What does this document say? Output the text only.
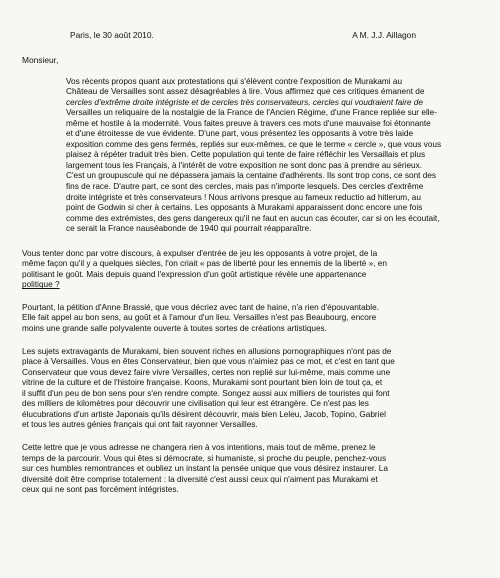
Paris, le 30 août 2010.	A M. J.J. Aillagon
Monsieur,
Vos récents propos quant aux protestations qui s'élèvent contre l'exposition de Murakami au
Château de Versailles sont assez désagréables à lire. Vous affirmez que ces critiques émanent de
cercles d'extrême droite intégriste et de cercles très conservateurs, cercles qui voudraient faire de
Versailles un reliquaire de la nostalgie de la France de l'Ancien Régime, d'une France repliée sur elle-
même et hostile à la modernité. Vous faites preuve à travers ces mots d'une mauvaise foi étonnante
et d'une étroitesse de vue évidente. D'une part, vous présentez les opposants à votre très laide
exposition comme des gens fermés, repliés sur eux-mêmes, ce que le terme « cercle », que vous vous
plaisez à répéter traduit très bien. Cette population qui tente de faire réfléchir les Versaillais et plus
largement tous les Français, à l'intérêt de votre exposition ne sont donc pas à prendre au sérieux.
C'est un groupuscule qui ne dépassera jamais la centaine d'adhérents. Ils sont trop cons, ce sont des
fins de race. D'autre part, ce sont des cercles, mais pas n'importe lesquels. Des cercles d'extrême
droite intégriste et très conservateurs ! Nous arrivons presque au fameux reductio ad hitlerum, au
point de Godwin si cher à certains. Les opposants à Murakami apparaissent donc encore une fois
comme des extrémistes, des gens dangereux qu'il ne faut en aucun cas écouter, car si on les écoutait,
ce serait la France nauséabonde de 1940 qui pourrait réapparaître.
Vous tenter donc par votre discours, à expulser d'entrée de jeu les opposants à votre projet, de la
même façon qu'il y a quelques siècles, l'on criait « pas de liberté pour les ennemis de la liberté », en
politisant le goût. Mais depuis quand l'expression d'un goût artistique révèle une appartenance
politique ?
Pourtant, la pétition d'Anne Brassié, que vous décriez avec tant de haine, n'a rien d'épouvantable.
Elle fait appel au bon sens, au goût et à l'amour d'un lieu. Versailles n'est pas Beaubourg, encore
moins une grande salle polyvalente ouverte à toutes sortes de créations artistiques.
Les sujets extravagants de Murakami, bien souvent riches en allusions pornographiques n'ont pas de
place à Versailles. Vous en êtes Conservateur, bien que vous n'aimiez pas ce mot, et c'est en tant que
Conservateur que vous devez faire vivre Versailles, certes non replié sur lui-même, mais comme une
vitrine de la culture et de l'histoire française. Koons, Murakami sont pourtant bien loin de tout ça, et
il suffit d'un peu de bon sens pour s'en rendre compte. Songez aussi aux milliers de touristes qui font
des milliers de kilomètres pour découvrir une civilisation qui leur est étrangère. Ce n'est pas les
élucubrations d'un artiste Japonais qu'ils désirent découvrir, mais bien Leleu, Jacob, Topino, Gabriel
et tous les autres génies français qui ont fait rayonner Versailles.
Cette lettre que je vous adresse ne changera rien à vos intentions, mais tout de même, prenez le
temps de la parcourir. Vous qui êtes si démocrate, si humaniste, si proche du peuple, penchez-vous
sur ces humbles remontrances et oubliez un instant la pensée unique que vous désirez instaurer. La
diversité doit être comprise totalement : la diversité c'est aussi ceux qui n'aiment pas Murakami et
ceux qui ne sont pas forcément intégristes.
